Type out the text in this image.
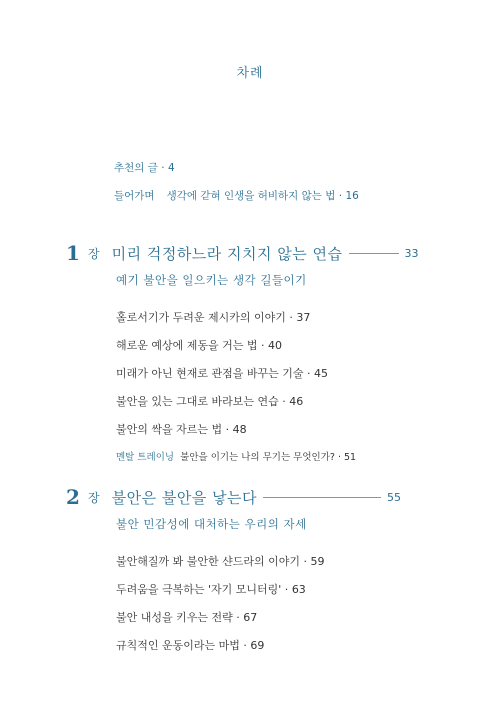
차례
추천의 글 · 4
들어가며 생각에 갇혀 인생을 허비하지 않는 법 · 16
1 장 미리 걱정하느라 지치지 않는 연습	33
예기 불안을 일으키는 생각 길들이기
홀로서기가 두려운 제시카의 이야기 · 37
해로운 예상에 제동을 거는 법 · 40
미래가 아닌 현재로 관점을 바꾸는 기술 · 45
불안을 있는 그대로 바라보는 연습 · 46
불안의 싹을 자르는 법 · 48
멘탈 트레이닝 불안을 이기는 나의 무기는 무엇인가? · 51
2 장 불안은 불안을 낳는다	55
불안 민감성에 대처하는 우리의 자세
불안해질까 봐 불안한 샨드라의 이야기 · 59
두려움을 극복하는 '자기 모니터링' · 63
불안 내성을 키우는 전략 · 67
규칙적인 운동이라는 마법 · 69
